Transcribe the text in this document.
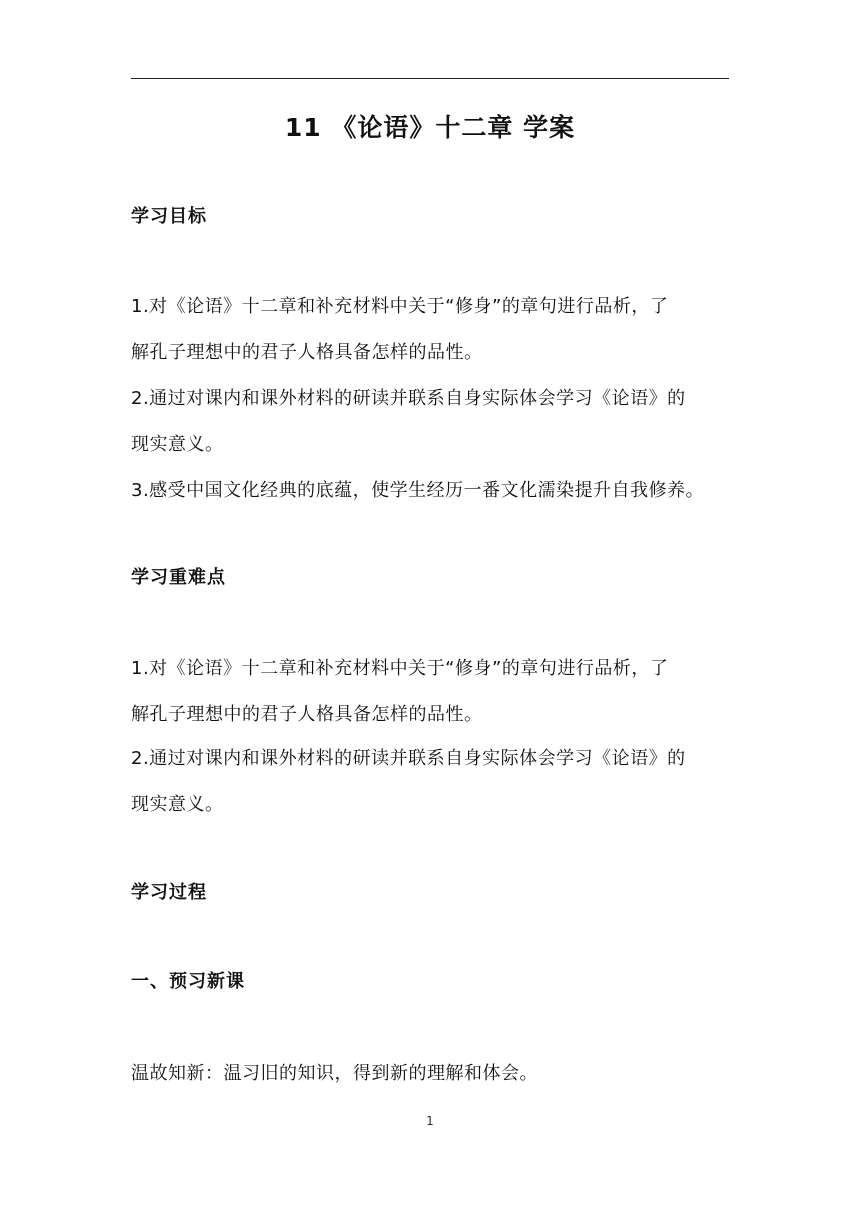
11 《论语》十二章 学案
学习目标
1.对《论语》十二章和补充材料中关于“修身”的章句进行品析，了
解孔子理想中的君子人格具备怎样的品性。
2.通过对课内和课外材料的研读并联系自身实际体会学习《论语》的
现实意义。
3.感受中国文化经典的底蕴，使学生经历一番文化濡染提升自我修养。
学习重难点
1.对《论语》十二章和补充材料中关于“修身”的章句进行品析，了
解孔子理想中的君子人格具备怎样的品性。
2.通过对课内和课外材料的研读并联系自身实际体会学习《论语》的
现实意义。
学习过程
一、预习新课
温故知新：温习旧的知识，得到新的理解和体会。
1
